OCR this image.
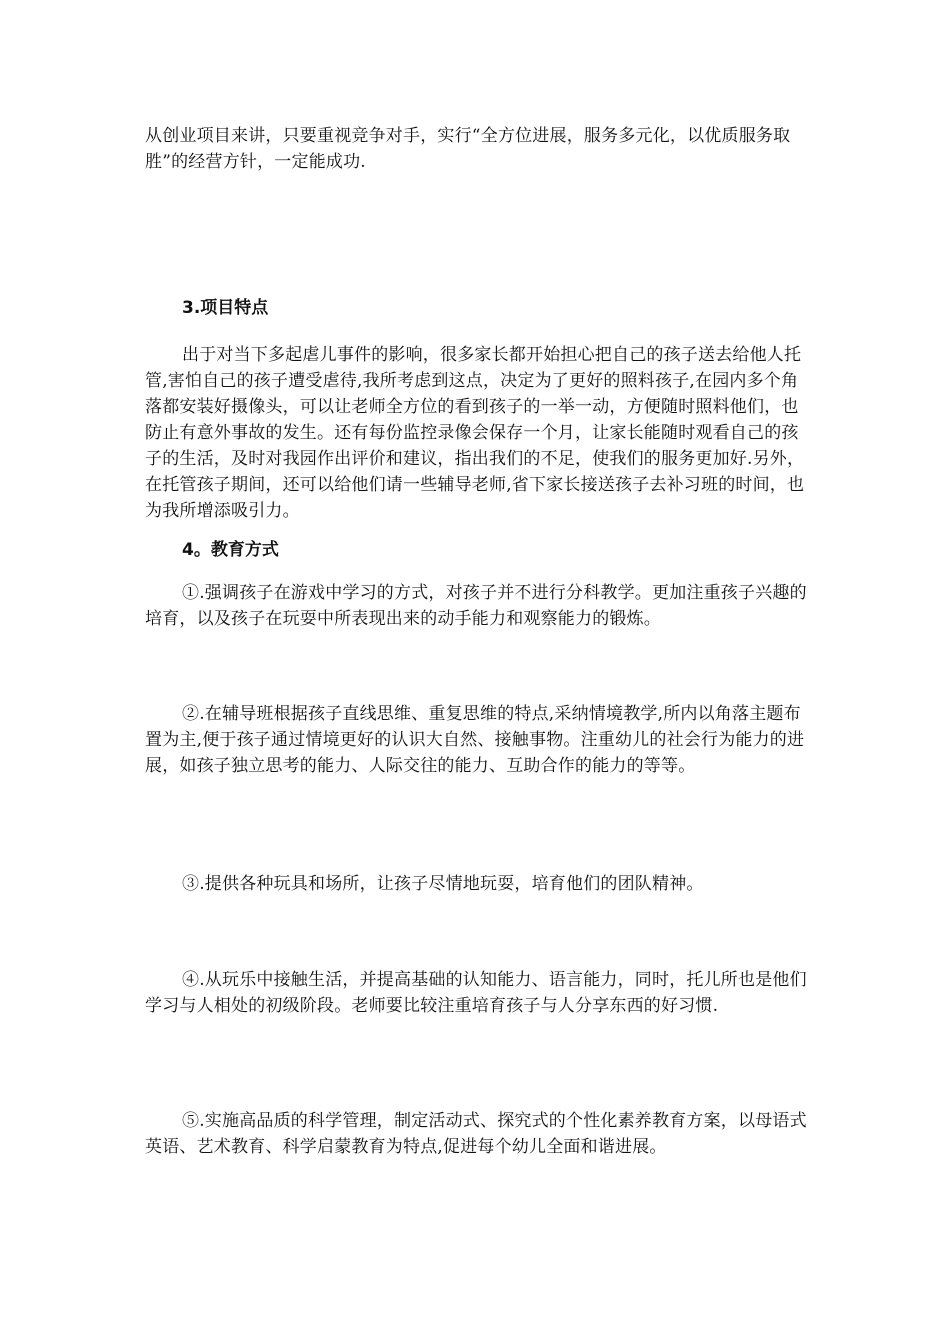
从创业项目来讲，只要重视竞争对手，实行“全方位进展，服务多元化，以优质服务取胜”的经营方针，一定能成功.

3.项目特点

出于对当下多起虐儿事件的影响，很多家长都开始担心把自己的孩子送去给他人托管,害怕自己的孩子遭受虐待,我所考虑到这点，决定为了更好的照料孩子,在园内多个角落都安装好摄像头，可以让老师全方位的看到孩子的一举一动，方便随时照料他们，也防止有意外事故的发生。还有每份监控录像会保存一个月，让家长能随时观看自己的孩子的生活，及时对我园作出评价和建议，指出我们的不足，使我们的服务更加好.另外，在托管孩子期间，还可以给他们请一些辅导老师,省下家长接送孩子去补习班的时间，也为我所增添吸引力。

4。教育方式

①.强调孩子在游戏中学习的方式，对孩子并不进行分科教学。更加注重孩子兴趣的培育，以及孩子在玩耍中所表现出来的动手能力和观察能力的锻炼。

②.在辅导班根据孩子直线思维、重复思维的特点,采纳情境教学,所内以角落主题布置为主,便于孩子通过情境更好的认识大自然、接触事物。注重幼儿的社会行为能力的进展，如孩子独立思考的能力、人际交往的能力、互助合作的能力的等等。

③.提供各种玩具和场所，让孩子尽情地玩耍，培育他们的团队精神。

④.从玩乐中接触生活，并提高基础的认知能力、语言能力，同时，托儿所也是他们学习与人相处的初级阶段。老师要比较注重培育孩子与人分享东西的好习惯.

⑤.实施高品质的科学管理，制定活动式、探究式的个性化素养教育方案，以母语式英语、艺术教育、科学启蒙教育为特点,促进每个幼儿全面和谐进展。
